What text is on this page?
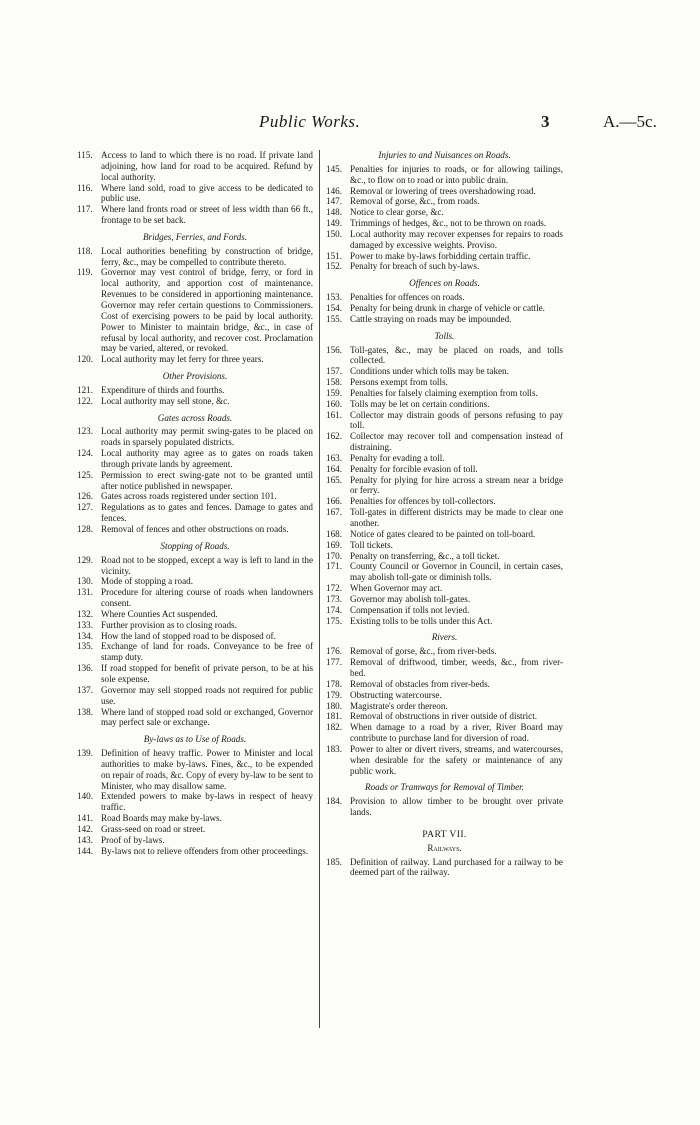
Public Works.	3	A.—5c.

115. Access to land to which there is no road. If private land adjoining, how land for road to be acquired. Refund by local authority.

116. Where land sold, road to give access to be dedicated to public use.

117. Where land fronts road or street of less width than 66 ft., frontage to be set back.

Bridges, Ferries, and Fords.

118. Local authorities benefiting by construction of bridge, ferry, &c., may be compelled to contribute thereto.

119. Governor may vest control of bridge, ferry, or ford in local authority, and apportion cost of maintenance. Revenues to be considered in apportioning maintenance. Governor may refer certain questions to Commissioners. Cost of exercising powers to be paid by local authority. Power to Minister to maintain bridge, &c., in case of refusal by local authority, and recover cost. Proclamation may be varied, altered, or revoked.

120. Local authority may let ferry for three years.

Other Provisions.

121. Expenditure of thirds and fourths.

122. Local authority may sell stone, &c.

Gates across Roads.

123. Local authority may permit swing-gates to be placed on roads in sparsely populated districts.

124. Local authority may agree as to gates on roads taken through private lands by agreement.

125. Permission to erect swing-gate not to be granted until after notice published in newspaper.

126. Gates across roads registered under section 101.

127. Regulations as to gates and fences. Damage to gates and fences.

128. Removal of fences and other obstructions on roads.

Stopping of Roads.

129. Road not to be stopped, except a way is left to land in the vicinity.

130. Mode of stopping a road.

131. Procedure for altering course of roads when landowners consent.

132. Where Counties Act suspended.

133. Further provision as to closing roads.

134. How the land of stopped road to be disposed of.

135. Exchange of land for roads. Conveyance to be free of stamp duty.

136. If road stopped for benefit of private person, to be at his sole expense.

137. Governor may sell stopped roads not required for public use.

138. Where land of stopped road sold or exchanged, Governor may perfect sale or exchange.

By-laws as to Use of Roads.

139. Definition of heavy traffic. Power to Minister and local authorities to make by-laws. Fines, &c., to be expended on repair of roads, &c. Copy of every by-law to be sent to Minister, who may disallow same.

140. Extended powers to make by-laws in respect of heavy traffic.

141. Road Boards may make by-laws.

142. Grass-seed on road or street.

143. Proof of by-laws.

144. By-laws not to relieve offenders from other proceedings.

Injuries to and Nuisances on Roads.

145. Penalties for injuries to roads, or for allowing tailings, &c., to flow on to road or into public drain.

146. Removal or lowering of trees overshadowing road.

147. Removal of gorse, &c., from roads.

148. Notice to clear gorse, &c.

149. Trimmings of hedges, &c., not to be thrown on roads.

150. Local authority may recover expenses for repairs to roads damaged by excessive weights. Proviso.

151. Power to make by-laws forbidding certain traffic.

152. Penalty for breach of such by-laws.

Offences on Roads.

153. Penalties for offences on roads.

154. Penalty for being drunk in charge of vehicle or cattle.

155. Cattle straying on roads may be impounded.

Tolls.

156. Toll-gates, &c., may be placed on roads, and tolls collected.

157. Conditions under which tolls may be taken.

158. Persons exempt from tolls.

159. Penalties for falsely claiming exemption from tolls.

160. Tolls may be let on certain conditions.

161. Collector may distrain goods of persons refusing to pay toll.

162. Collector may recover toll and compensation instead of distraining.

163. Penalty for evading a toll.

164. Penalty for forcible evasion of toll.

165. Penalty for plying for hire across a stream near a bridge or ferry.

166. Penalties for offences by toll-collectors.

167. Toll-gates in different districts may be made to clear one another.

168. Notice of gates cleared to be painted on toll-board.

169. Toll tickets.

170. Penalty on transferring, &c., a toll ticket.

171. County Council or Governor in Council, in certain cases, may abolish toll-gate or diminish tolls.

172. When Governor may act.

173. Governor may abolish toll-gates.

174. Compensation if tolls not levied.

175. Existing tolls to be tolls under this Act.

Rivers.

176. Removal of gorse, &c., from river-beds.

177. Removal of driftwood, timber, weeds, &c., from river-bed.

178. Removal of obstacles from river-beds.

179. Obstructing watercourse.

180. Magistrate's order thereon.

181. Removal of obstructions in river outside of district.

182. When damage to a road by a river, River Board may contribute to purchase land for diversion of road.

183. Power to alter or divert rivers, streams, and watercourses, when desirable for the safety or maintenance of any public work.

Roads or Tramways for Removal of Timber.

184. Provision to allow timber to be brought over private lands.

PART VII.
Railways.

185. Definition of railway. Land purchased for a railway to be deemed part of the railway.
